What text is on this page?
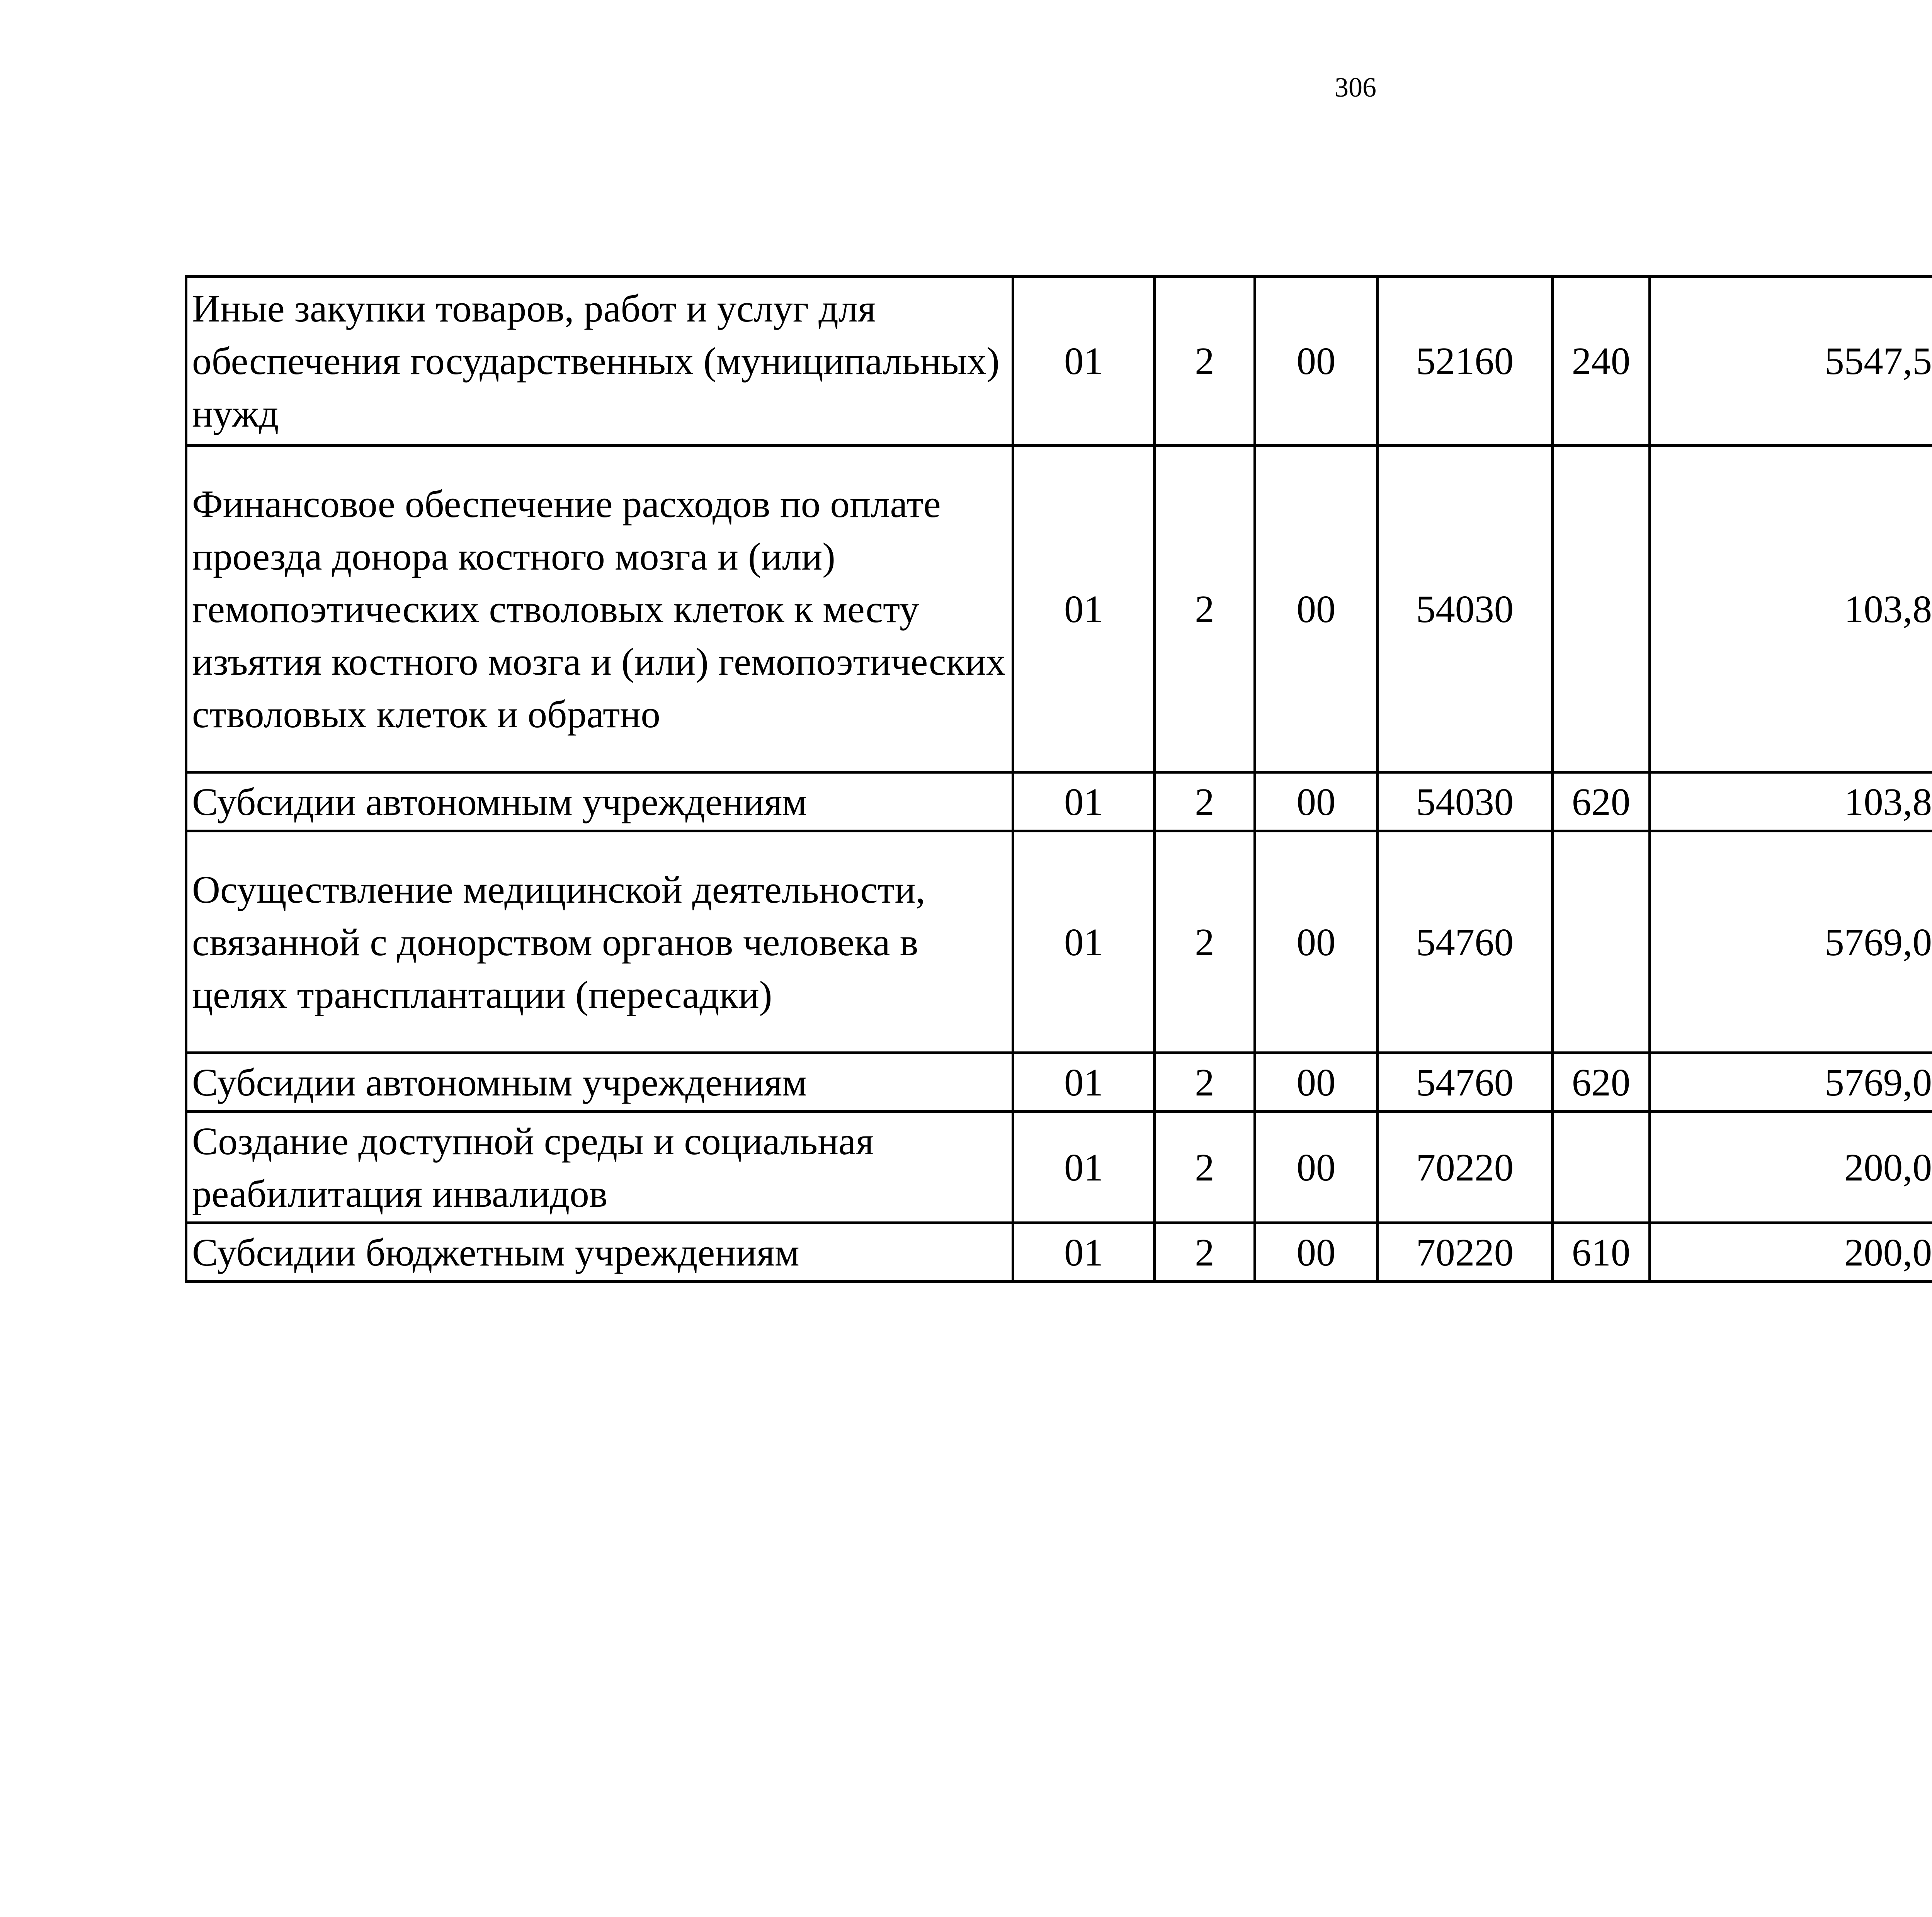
306
Иные закупки товаров, работ и услуг для обеспечения государственных (муниципальных) нужд	01	2	00	52160	240	5547,5		
Финансовое обеспечение расходов по оплате проезда донора костного мозга и (или) гемопоэтических стволовых клеток к месту изъятия костного мозга и (или) гемопоэтических стволовых клеток и обратно	01	2	00	54030		103,8		
Субсидии автономным учреждениям	01	2	00	54030	620	103,8		
Осуществление медицинской деятельности, связанной с донорством органов человека в целях трансплантации (пересадки)	01	2	00	54760		5769,0		
Субсидии автономным учреждениям	01	2	00	54760	620	5769,0		
Создание доступной среды и социальная реабилитация инвалидов	01	2	00	70220		200,0		
Субсидии бюджетным учреждениям	01	2	00	70220	610	200,0		
